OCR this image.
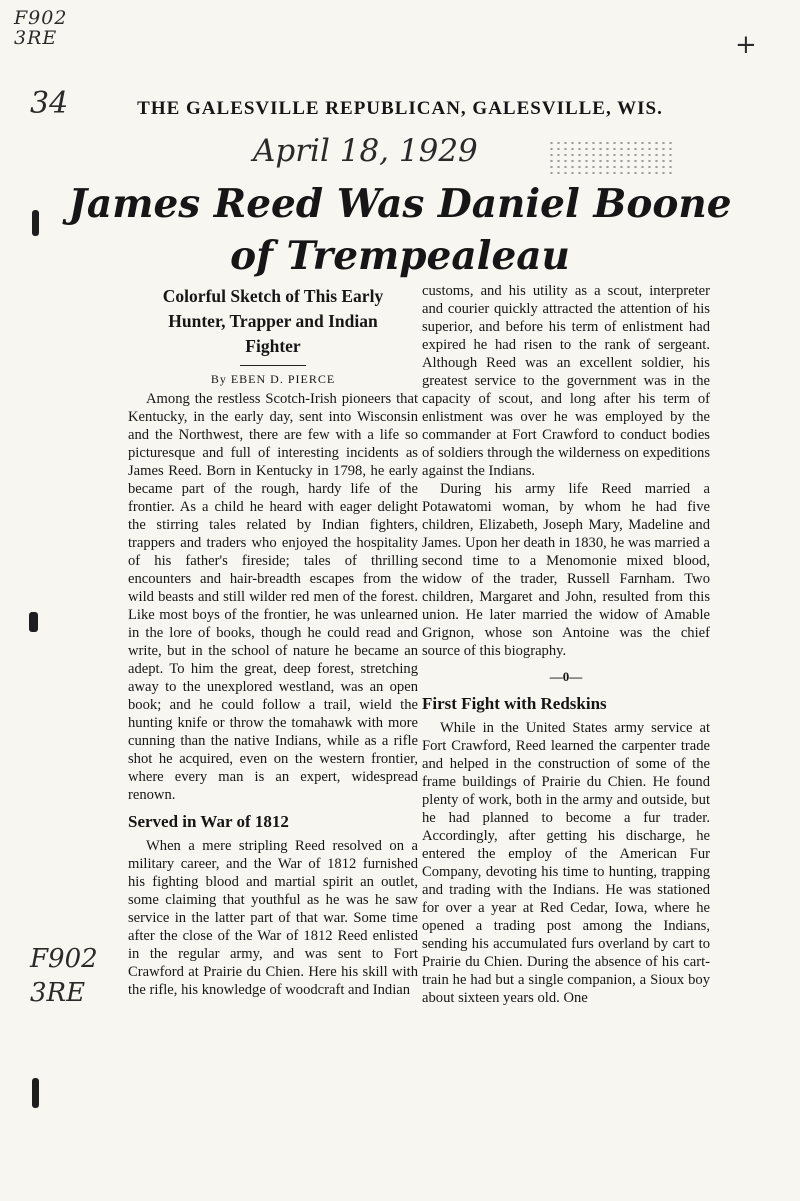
F902
3RE
34
+
April 18, 1929
F902
3RE
THE GALESVILLE REPUBLICAN, GALESVILLE, WIS.
James Reed Was Daniel Boone
of Trempealeau
Colorful Sketch of This Early
Hunter, Trapper and Indian
Fighter
By EBEN D. PIERCE

Among the restless Scotch-Irish pioneers that Kentucky, in the early day, sent into Wisconsin and the Northwest, there are few with a life so picturesque and full of interesting incidents as James Reed. Born in Kentucky in 1798, he early became part of the rough, hardy life of the frontier. As a child he heard with eager delight the stirring tales related by Indian fighters, trappers and traders who enjoyed the hospitality of his father's fireside; tales of thrilling encounters and hair-breadth escapes from the wild beasts and still wilder red men of the forest. Like most boys of the frontier, he was unlearned in the lore of books, though he could read and write, but in the school of nature he became an adept. To him the great, deep forest, stretching away to the unexplored westland, was an open book; and he could follow a trail, wield the hunting knife or throw the tomahawk with more cunning than the native Indians, while as a rifle shot he acquired, even on the western frontier, where every man is an expert, widespread renown.

Served in War of 1812

When a mere stripling Reed resolved on a military career, and the War of 1812 furnished his fighting blood and martial spirit an outlet, some claiming that youthful as he was he saw service in the latter part of that war. Some time after the close of the War of 1812 Reed enlisted in the regular army, and was sent to Fort Crawford at Prairie du Chien. Here his skill with the rifle, his knowledge of woodcraft and Indian

customs, and his utility as a scout, interpreter and courier quickly attracted the attention of his superior, and before his term of enlistment had expired he had risen to the rank of sergeant. Although Reed was an excellent soldier, his greatest service to the government was in the capacity of scout, and long after his term of enlistment was over he was employed by the commander at Fort Crawford to conduct bodies of soldiers through the wilderness on expeditions against the Indians.

During his army life Reed married a Potawatomi woman, by whom he had five children, Elizabeth, Joseph Mary, Madeline and James. Upon her death in 1830, he was married a second time to a Menomonie mixed blood, widow of the trader, Russell Farnham. Two children, Margaret and John, resulted from this union. He later married the widow of Amable Grignon, whose son Antoine was the chief source of this biography.

—0—
First Fight with Redskins

While in the United States army service at Fort Crawford, Reed learned the carpenter trade and helped in the construction of some of the frame buildings of Prairie du Chien. He found plenty of work, both in the army and outside, but he had planned to become a fur trader. Accordingly, after getting his discharge, he entered the employ of the American Fur Company, devoting his time to hunting, trapping and trading with the Indians. He was stationed for over a year at Red Cedar, Iowa, where he opened a trading post among the Indians, sending his accumulated furs overland by cart to Prairie du Chien. During the absence of his cart-train he had but a single companion, a Sioux boy about sixteen years old. One
